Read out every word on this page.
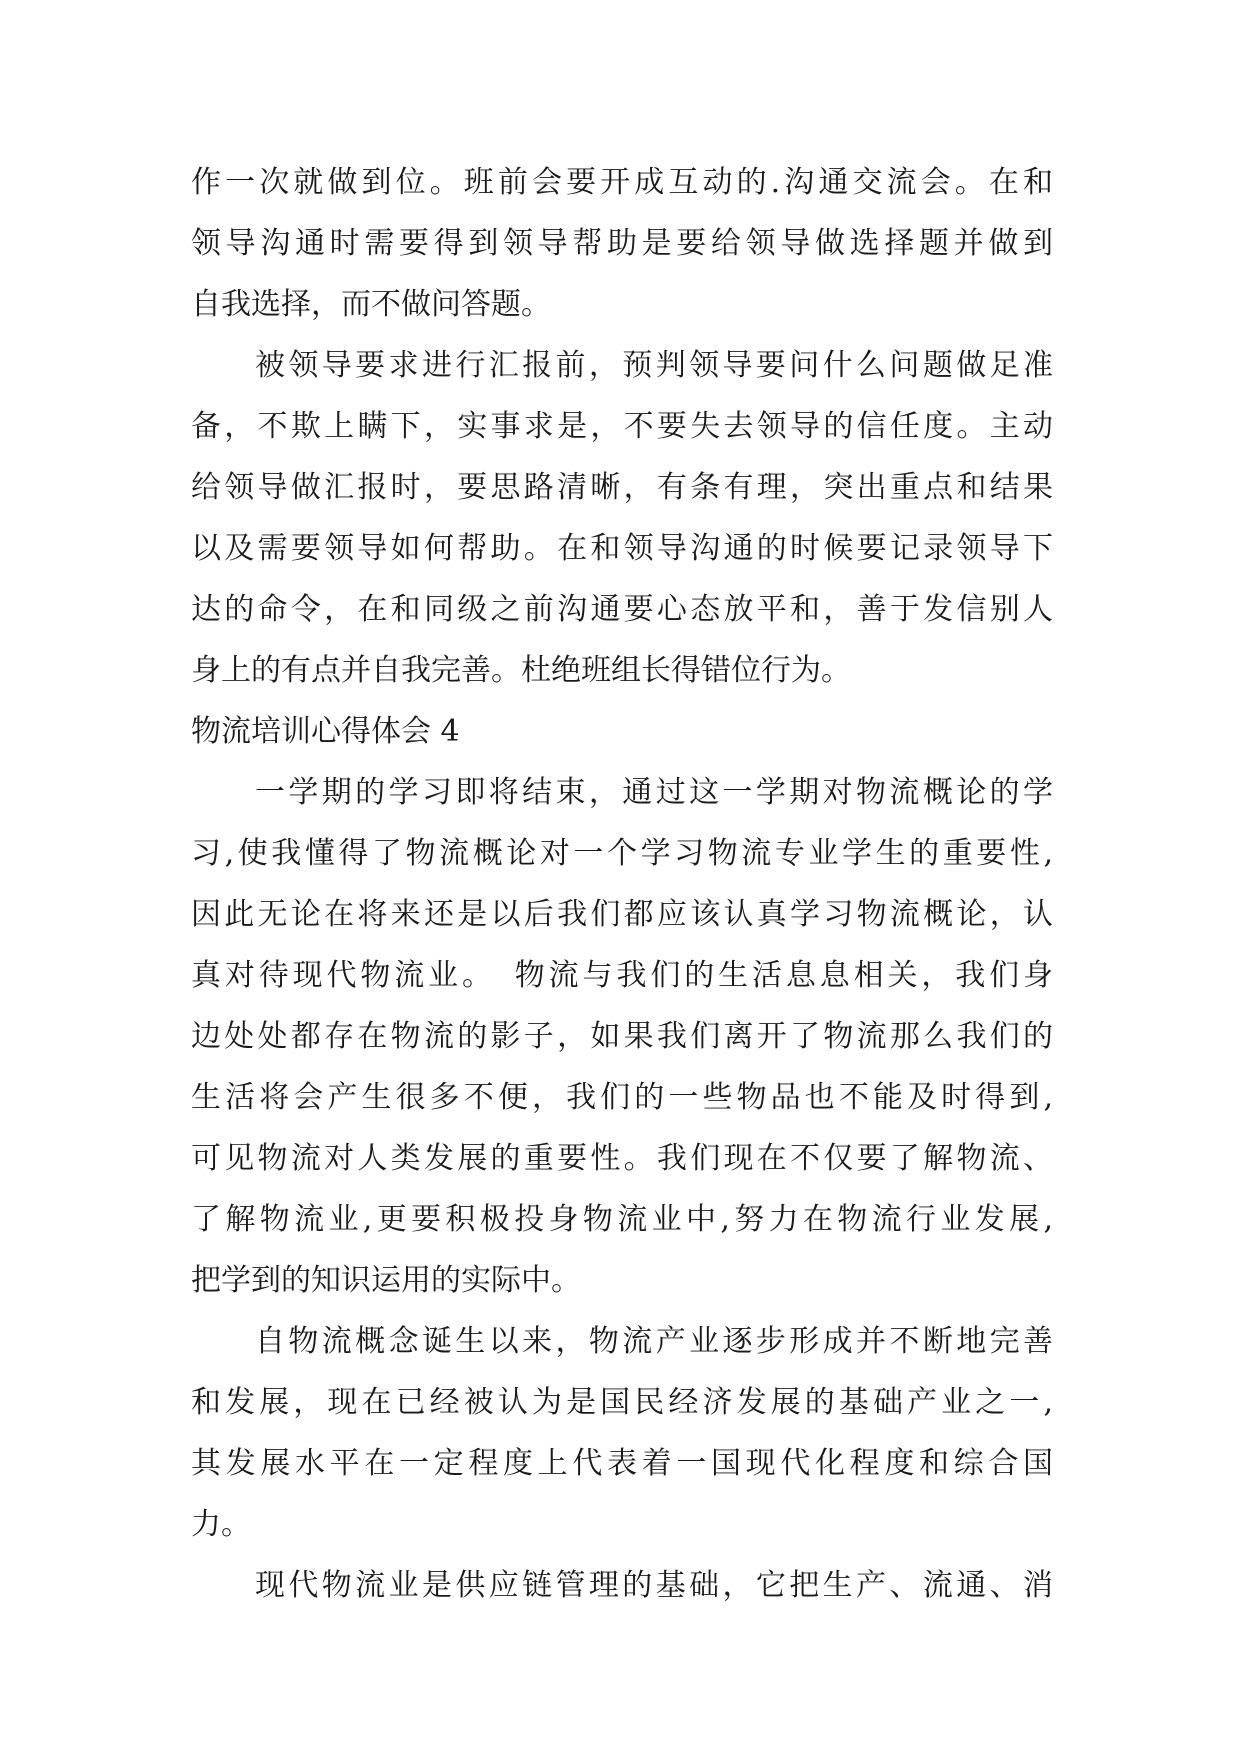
作一次就做到位。班前会要开成互动的.沟通交流会。在和
领导沟通时需要得到领导帮助是要给领导做选择题并做到
自我选择，而不做问答题。
被领导要求进行汇报前，预判领导要问什么问题做足准
备，不欺上瞒下，实事求是，不要失去领导的信任度。主动
给领导做汇报时，要思路清晰，有条有理，突出重点和结果
以及需要领导如何帮助。在和领导沟通的时候要记录领导下
达的命令，在和同级之前沟通要心态放平和，善于发信别人
身上的有点并自我完善。杜绝班组长得错位行为。
物流培训心得体会 4
一学期的学习即将结束，通过这一学期对物流概论的学
习,使我懂得了物流概论对一个学习物流专业学生的重要性,
因此无论在将来还是以后我们都应该认真学习物流概论，认
真对待现代物流业。　物流与我们的生活息息相关，我们身
边处处都存在物流的影子，如果我们离开了物流那么我们的
生活将会产生很多不便，我们的一些物品也不能及时得到,
可见物流对人类发展的重要性。我们现在不仅要了解物流、
了解物流业,更要积极投身物流业中,努力在物流行业发展,
把学到的知识运用的实际中。
自物流概念诞生以来，物流产业逐步形成并不断地完善
和发展，现在已经被认为是国民经济发展的基础产业之一,
其发展水平在一定程度上代表着一国现代化程度和综合国
力。
现代物流业是供应链管理的基础，它把生产、流通、消
